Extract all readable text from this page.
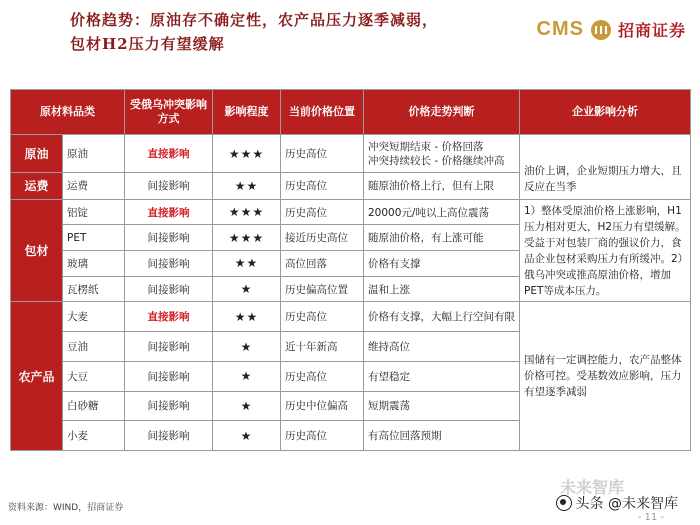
价格趋势：原油存不确定性，农产品压力逐季减弱，
包材H2压力有望缓解
CMS 招商证券
原材料品类		受俄乌冲突影响方式	影响程度	当前价格位置	价格走势判断	企业影响分析
原油	原油	直接影响	★★★	历史高位	冲突短期结束 - 价格回落
冲突持续较长 - 价格继续冲高	油价上调，企业短期压力增大，且反应在当季
运费	运费	间接影响	★★	历史高位	随原油价格上行，但有上限	
包材	铝锭	直接影响	★★★	历史高位	20000元/吨以上高位震荡	1）整体受原油价格上涨影响，H1压力相对更大，H2压力有望缓解。受益于对包装厂商的强议价力，食品企业包材采购压力有所缓冲。2）俄乌冲突或推高原油价格，增加PET等成本压力。
	PET	间接影响	★★★	接近历史高位	随原油价格，有上涨可能	
	玻璃	间接影响	★★	高位回落	价格有支撑	
	瓦楞纸	间接影响	★	历史偏高位置	温和上涨	
农产品	大麦	直接影响	★★	历史高位	价格有支撑，大幅上行空间有限	国储有一定调控能力，农产品整体价格可控。受基数效应影响，压力有望逐季减弱
	豆油	间接影响	★	近十年新高	维持高位	
	大豆	间接影响	★	历史高位	有望稳定	
	白砂糖	间接影响	★	历史中位偏高	短期震荡	
	小麦	间接影响	★	历史高位	有高位回落预期	
未来智库
资料来源：WIND，招商证券	头条 @未来智库
- 11 -
